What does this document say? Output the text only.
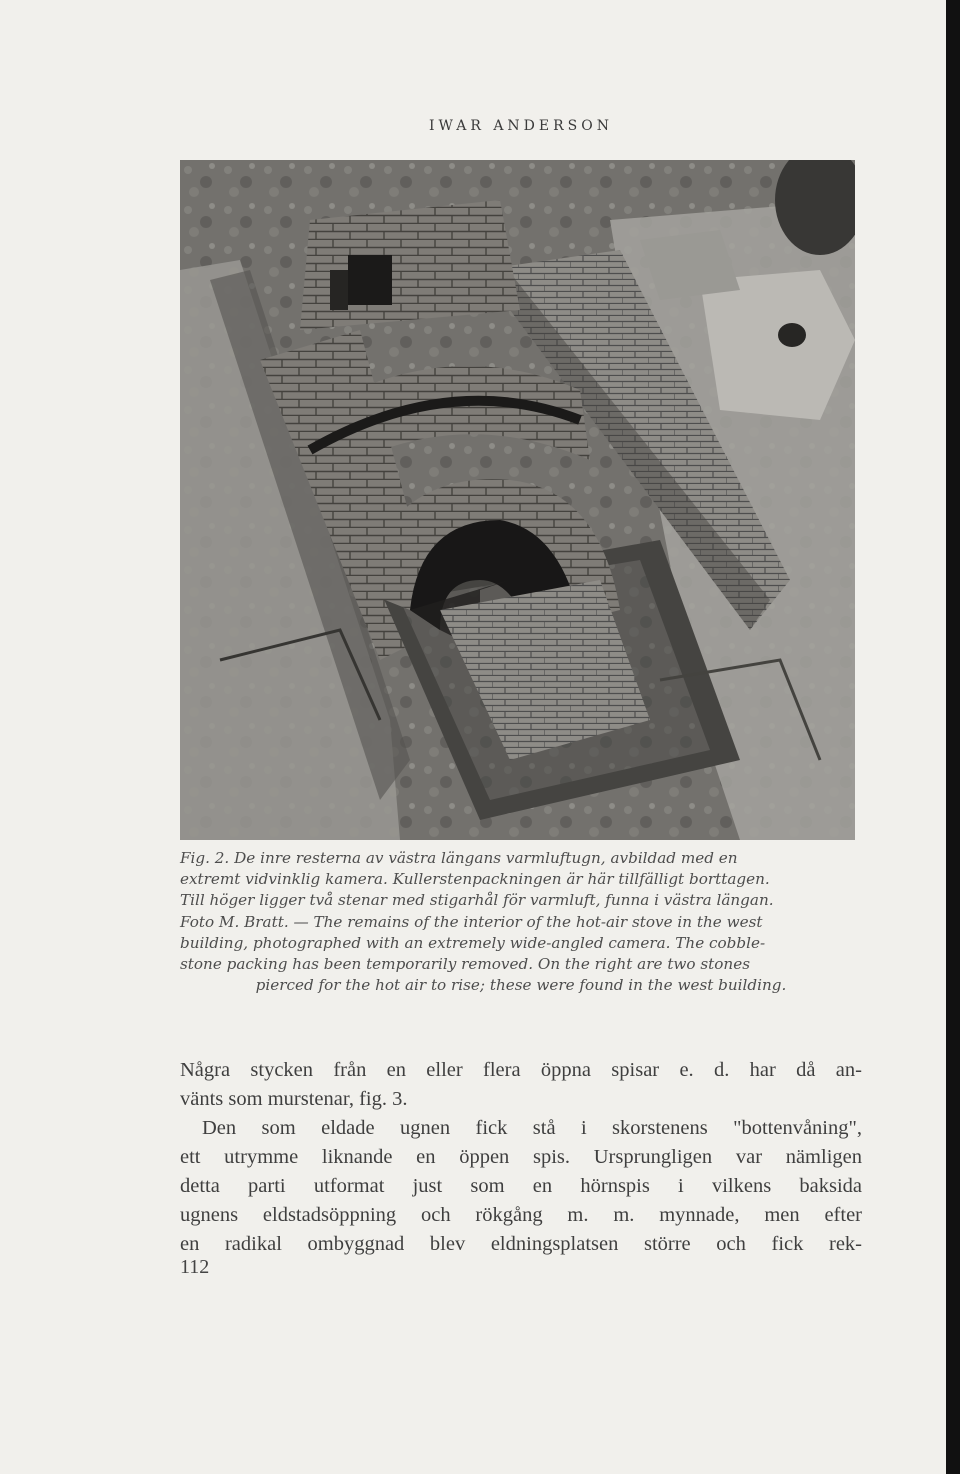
IWAR ANDERSON

Fig. 2. De inre resterna av västra längans varmluftugn, avbildad med en

extremt vidvinklig kamera. Kullerstenpackningen är här tillfälligt borttagen.

Till höger ligger två stenar med stigarhål för varmluft, funna i västra längan.

Foto M. Bratt. — The remains of the interior of the hot-air stove in the west

building, photographed with an extremely wide-angled camera. The cobble-

stone packing has been temporarily removed. On the right are two stones

pierced for the hot air to rise; these were found in the west building.

Några stycken från en eller flera öppna spisar e. d. har då an-
vänts som murstenar, fig. 3.
Den som eldade ugnen fick stå i skorstenens "bottenvåning",
ett utrymme liknande en öppen spis. Ursprungligen var nämligen
detta parti utformat just som en hörnspis i vilkens baksida
ugnens eldstadsöppning och rökgång m. m. mynnade, men efter
en radikal ombyggnad blev eldningsplatsen större och fick rek-
112
